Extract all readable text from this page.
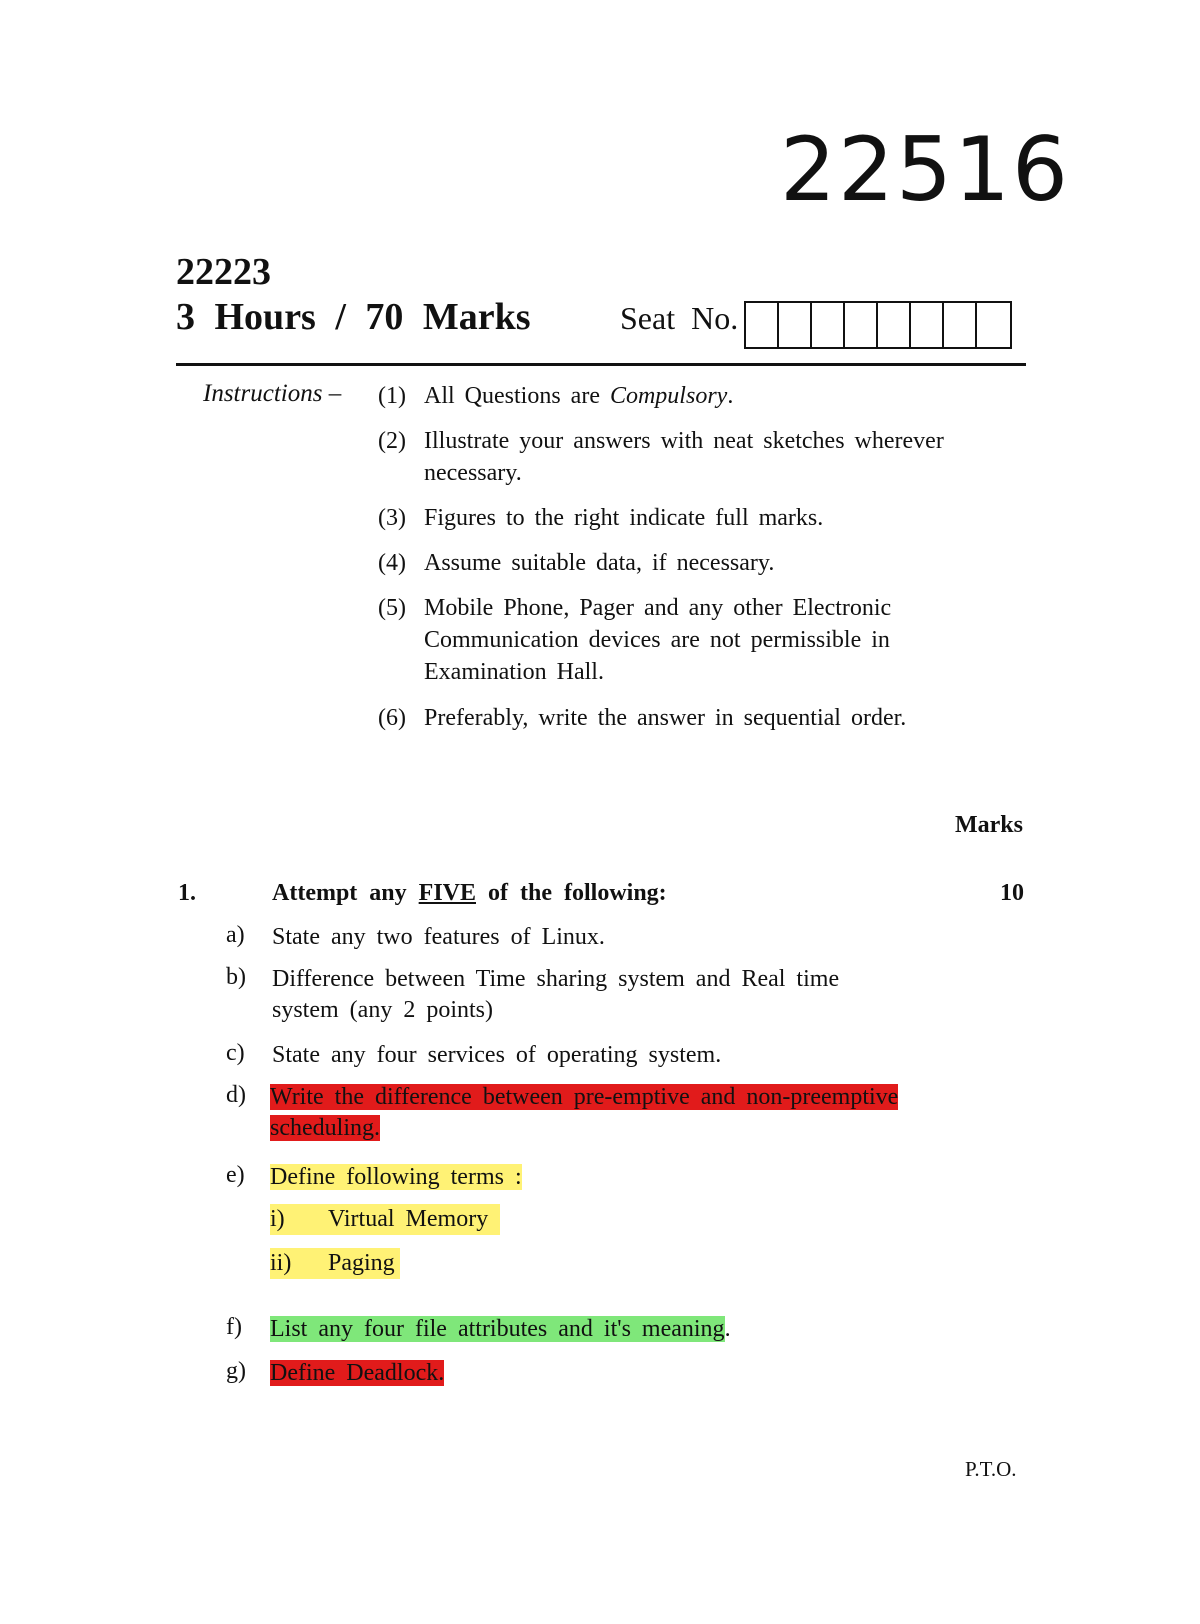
22516
22223
3 Hours / 70 Marks	Seat No.
Instructions – (1) All Questions are Compulsory.
(2) Illustrate your answers with neat sketches wherever necessary.
(3) Figures to the right indicate full marks.
(4) Assume suitable data, if necessary.
(5) Mobile Phone, Pager and any other Electronic Communication devices are not permissible in Examination Hall.
(6) Preferably, write the answer in sequential order.
Marks
1.	Attempt any FIVE of the following:	10
a) State any two features of Linux.
b) Difference between Time sharing system and Real time system (any 2 points)
c) State any four services of operating system.
d) Write the difference between pre-emptive and non-preemptive scheduling.
e) Define following terms :
i) Virtual Memory
ii) Paging
f) List any four file attributes and it's meaning.
g) Define Deadlock.
P.T.O.
